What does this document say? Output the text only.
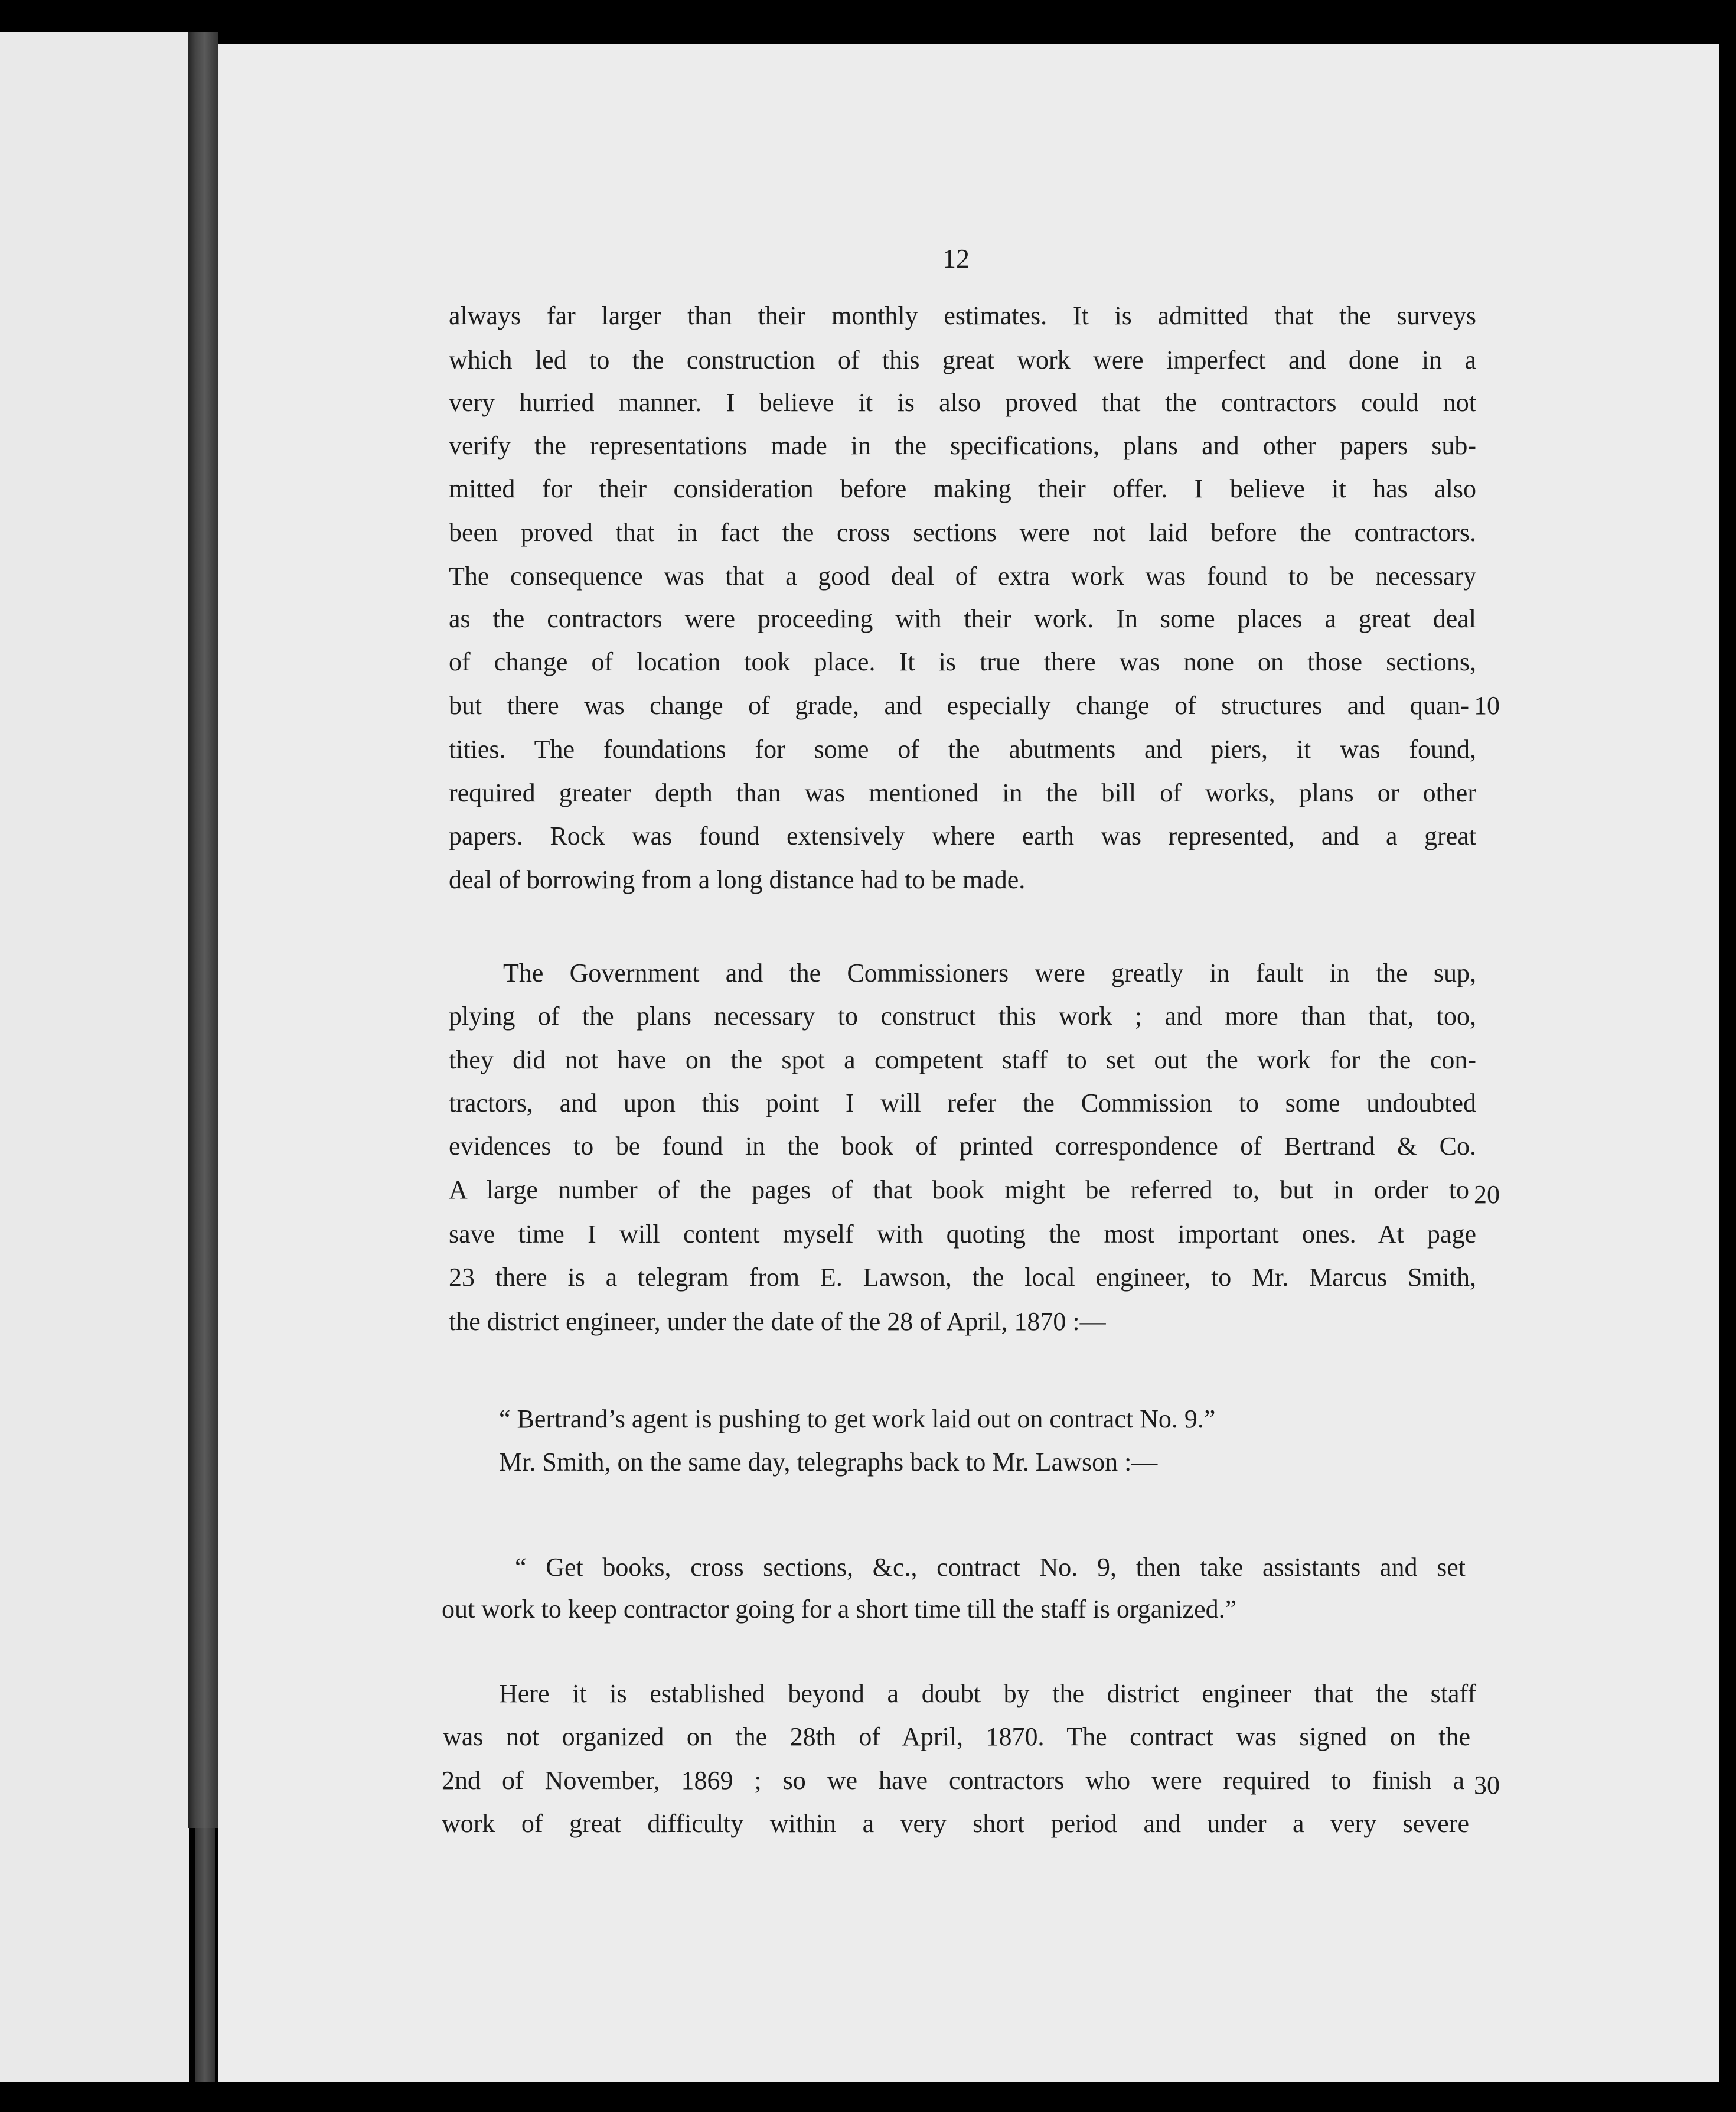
12

always far larger than their monthly estimates. It is admitted that the surveys

which led to the construction of this great work were imperfect and done in a

very hurried manner. I believe it is also proved that the contractors could not

verify the representations made in the specifications, plans and other papers sub-

mitted for their consideration before making their offer. I believe it has also

been proved that in fact the cross sections were not laid before the contractors.

The consequence was that a good deal of extra work was found to be necessary

as the contractors were proceeding with their work. In some places a great deal

of change of location took place. It is true there was none on those sections,

but there was change of grade, and especially change of structures and quan- 10

tities. The foundations for some of the abutments and piers, it was found,

required greater depth than was mentioned in the bill of works, plans or other

papers. Rock was found extensively where earth was represented, and a great

deal of borrowing from a long distance had to be made.

The Government and the Commissioners were greatly in fault in the sup,

plying of the plans necessary to construct this work ; and more than that, too,

they did not have on the spot a competent staff to set out the work for the con-

tractors, and upon this point I will refer the Commission to some undoubted

evidences to be found in the book of printed correspondence of Bertrand & Co.

A large number of the pages of that book might be referred to, but in order to 20

save time I will content myself with quoting the most important ones. At page

23 there is a telegram from E. Lawson, the local engineer, to Mr. Marcus Smith,

the district engineer, under the date of the 28 of April, 1870 :—

“ Bertrand’s agent is pushing to get work laid out on contract No. 9.”

Mr. Smith, on the same day, telegraphs back to Mr. Lawson :—

“ Get books, cross sections, &c., contract No. 9, then take assistants and set

out work to keep contractor going for a short time till the staff is organized.”

Here it is established beyond a doubt by the district engineer that the staff

was not organized on the 28th of April, 1870. The contract was signed on the

2nd of November, 1869 ; so we have contractors who were required to finish a 30

work of great difficulty within a very short period and under a very severe
